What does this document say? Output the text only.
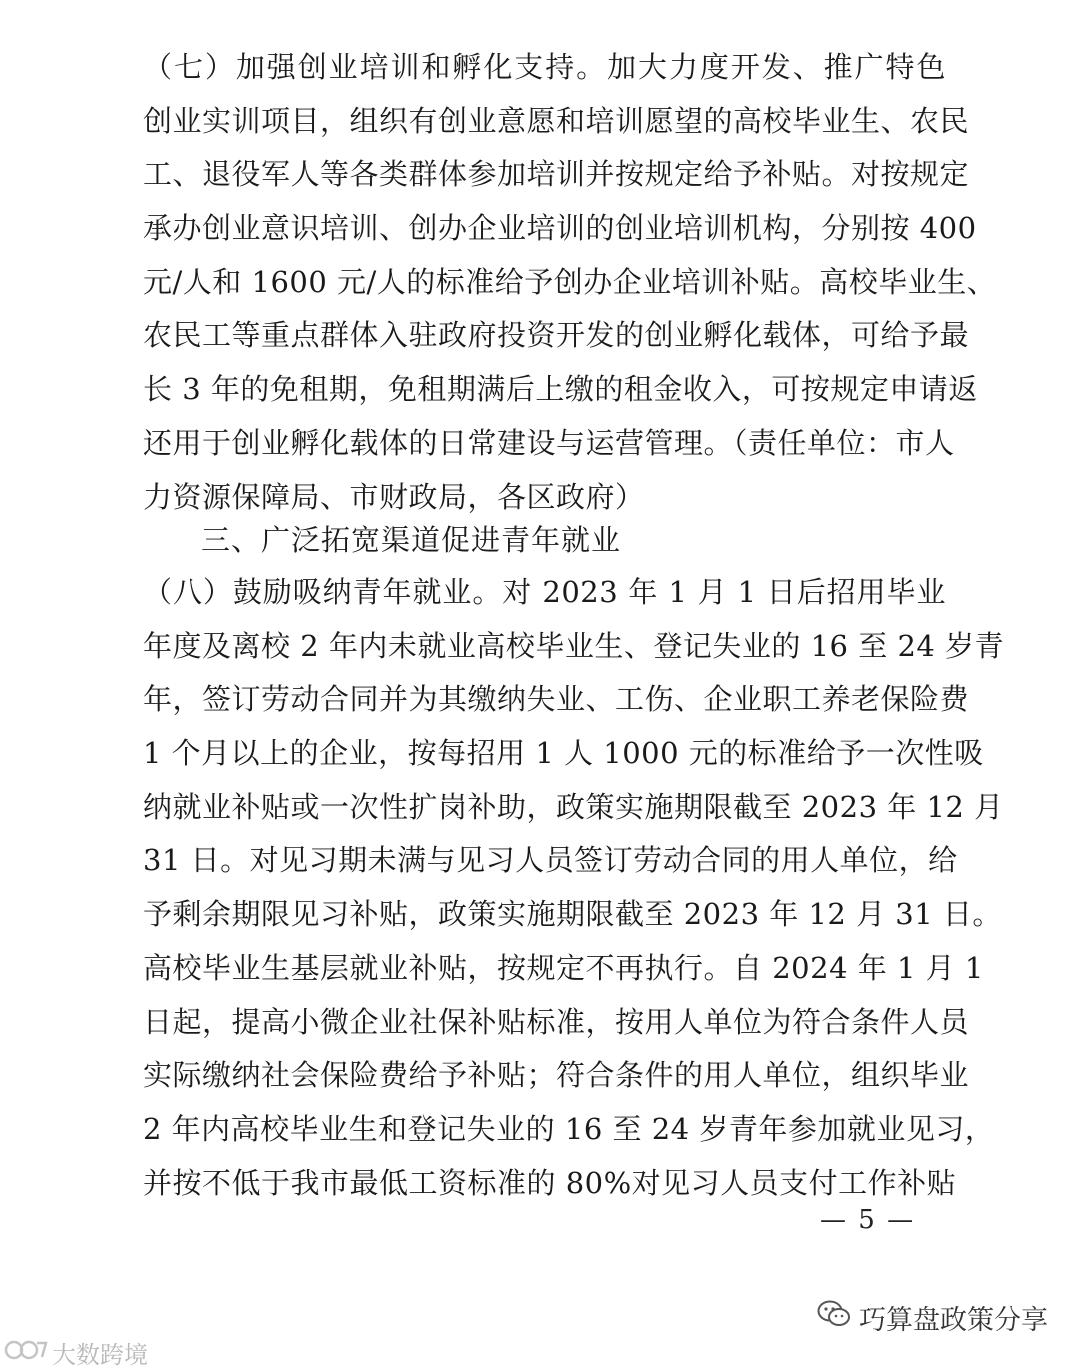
（七）加强创业培训和孵化支持。加大力度开发、推广特色
创业实训项目，组织有创业意愿和培训愿望的高校毕业生、农民
工、退役军人等各类群体参加培训并按规定给予补贴。对按规定
承办创业意识培训、创办企业培训的创业培训机构，分别按 400
元/人和 1600 元/人的标准给予创办企业培训补贴。高校毕业生、
农民工等重点群体入驻政府投资开发的创业孵化载体，可给予最
长 3 年的免租期，免租期满后上缴的租金收入，可按规定申请返
还用于创业孵化载体的日常建设与运营管理。（责任单位：市人
力资源保障局、市财政局，各区政府）
三、广泛拓宽渠道促进青年就业
（八）鼓励吸纳青年就业。对 2023 年 1 月 1 日后招用毕业
年度及离校 2 年内未就业高校毕业生、登记失业的 16 至 24 岁青
年，签订劳动合同并为其缴纳失业、工伤、企业职工养老保险费
1 个月以上的企业，按每招用 1 人 1000 元的标准给予一次性吸
纳就业补贴或一次性扩岗补助，政策实施期限截至 2023 年 12 月
31 日。对见习期未满与见习人员签订劳动合同的用人单位，给
予剩余期限见习补贴，政策实施期限截至 2023 年 12 月 31 日。
高校毕业生基层就业补贴，按规定不再执行。自 2024 年 1 月 1
日起，提高小微企业社保补贴标准，按用人单位为符合条件人员
实际缴纳社会保险费给予补贴；符合条件的用人单位，组织毕业
2 年内高校毕业生和登记失业的 16 至 24 岁青年参加就业见习，
并按不低于我市最低工资标准的 80%对见习人员支付工作补贴
— 5 —
巧算盘政策分享
大数跨境
